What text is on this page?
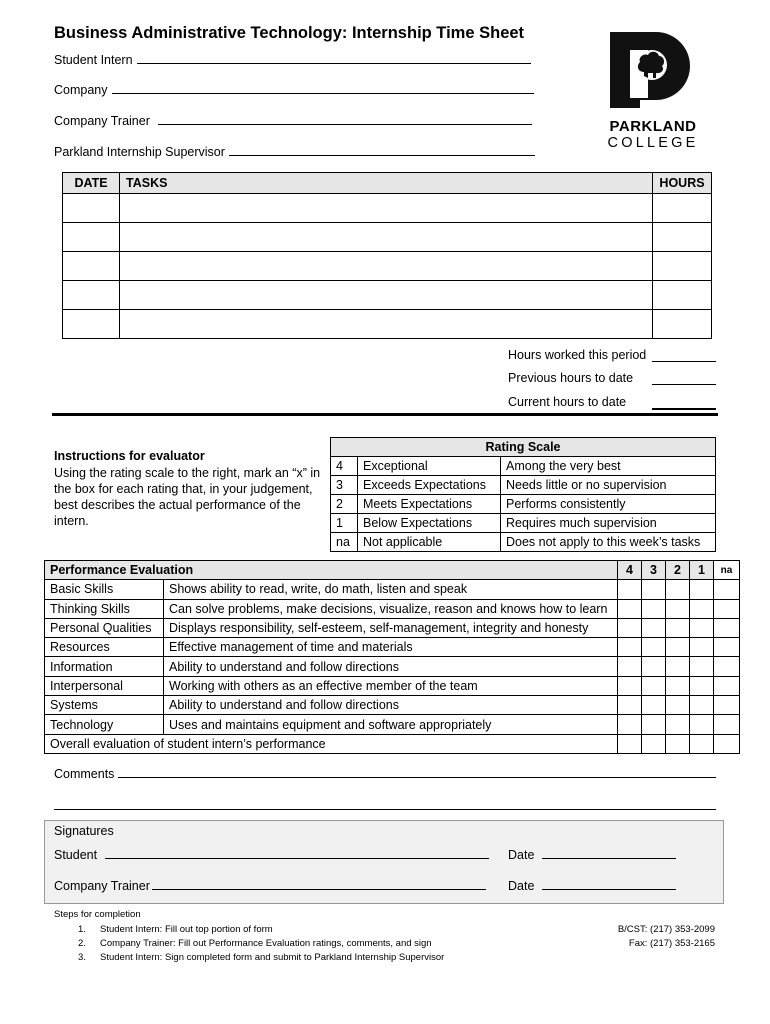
Business Administrative Technology: Internship Time Sheet
Student Intern
Company
Company Trainer
Parkland Internship Supervisor
PARKLAND
COLLEGE
DATE	TASKS	HOURS

Hours worked this period
Previous hours to date
Current hours to date
Instructions for evaluator
Using the rating scale to the right, mark an “x” in the box for each rating that, in your judgement, best describes the actual performance of the intern.
Rating Scale		
4	Exceptional	Among the very best
3	Exceeds Expectations	Needs little or no supervision
2	Meets Expectations	Performs consistently
1	Below Expectations	Requires much supervision
na	Not applicable	Does not apply to this week’s tasks
Performance Evaluation		4	3	2	1	na
Basic Skills	Shows ability to read, write, do math, listen and speak					
Thinking Skills	Can solve problems, make decisions, visualize, reason and knows how to learn					
Personal Qualities	Displays responsibility, self-esteem, self-management, integrity and honesty					
Resources	Effective management of time and materials					
Information	Ability to understand and follow directions					
Interpersonal	Working with others as an effective member of the team					
Systems	Ability to understand and follow directions					
Technology	Uses and maintains equipment and software appropriately					
Overall evaluation of student intern’s performance						
Comments
Signatures
Student	Date
Company Trainer	Date
Steps for completion
1. Student Intern: Fill out top portion of form
2. Company Trainer: Fill out Performance Evaluation ratings, comments, and sign
3. Student Intern: Sign completed form and submit to Parkland Internship Supervisor
B/CST: (217) 353-2099
Fax: (217) 353-2165
